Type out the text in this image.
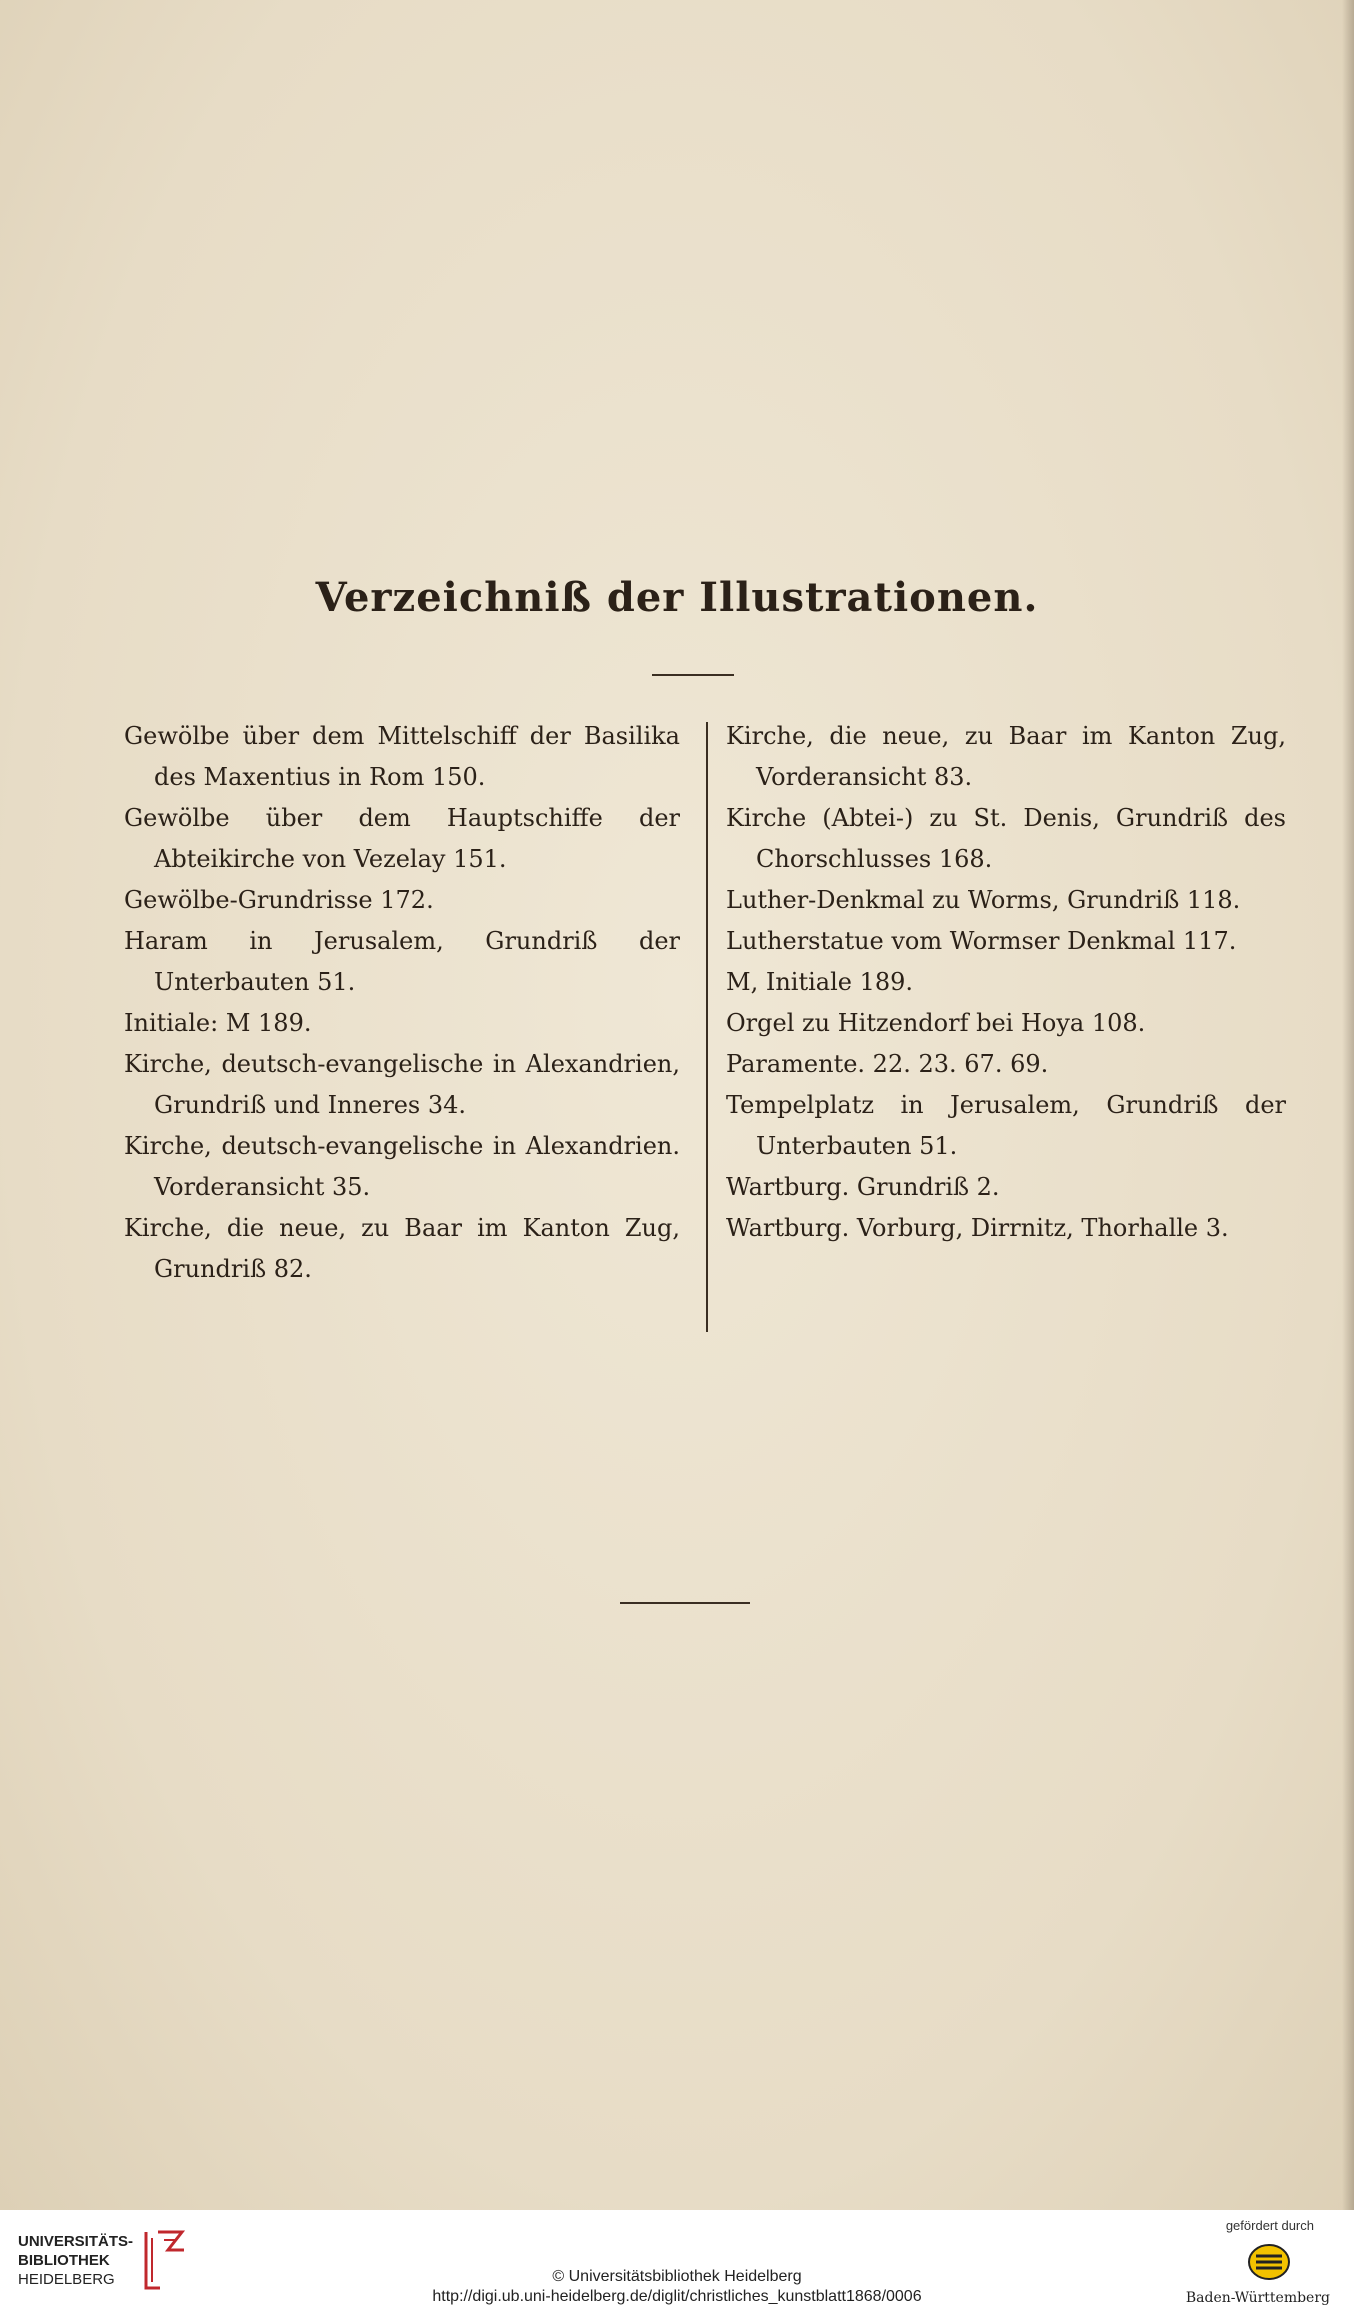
Verzeichniß der Illustrationen.

Gewölbe über dem Mittelschiff der Basilika des Maxentius in Rom 150.

Gewölbe über dem Hauptschiffe der Abteikirche von Vezelay 151.

Gewölbe-Grundrisse 172.

Haram in Jerusalem, Grundriß der Unterbauten 51.

Initiale: M 189.

Kirche, deutsch-evangelische in Alexandrien, Grundriß und Inneres 34.

Kirche, deutsch-evangelische in Alexandrien. Vorderansicht 35.

Kirche, die neue, zu Baar im Kanton Zug, Grundriß 82.

Kirche, die neue, zu Baar im Kanton Zug, Vorderansicht 83.

Kirche (Abtei-) zu St. Denis, Grundriß des Chorschlusses 168.

Luther-Denkmal zu Worms, Grundriß 118.

Lutherstatue vom Wormser Denkmal 117.

M, Initiale 189.

Orgel zu Hitzendorf bei Hoya 108.

Paramente. 22. 23. 67. 69.

Tempelplatz in Jerusalem, Grundriß der Unterbauten 51.

Wartburg. Grundriß 2.

Wartburg. Vorburg, Dirrnitz, Thorhalle 3.

UNIVERSITÄTS-
BIBLIOTHEK
HEIDELBERG	© Universitätsbibliothek Heidelberg
http://digi.ub.uni-heidelberg.de/diglit/christliches_kunstblatt1868/0006
gefördert durch
Baden-Württemberg
